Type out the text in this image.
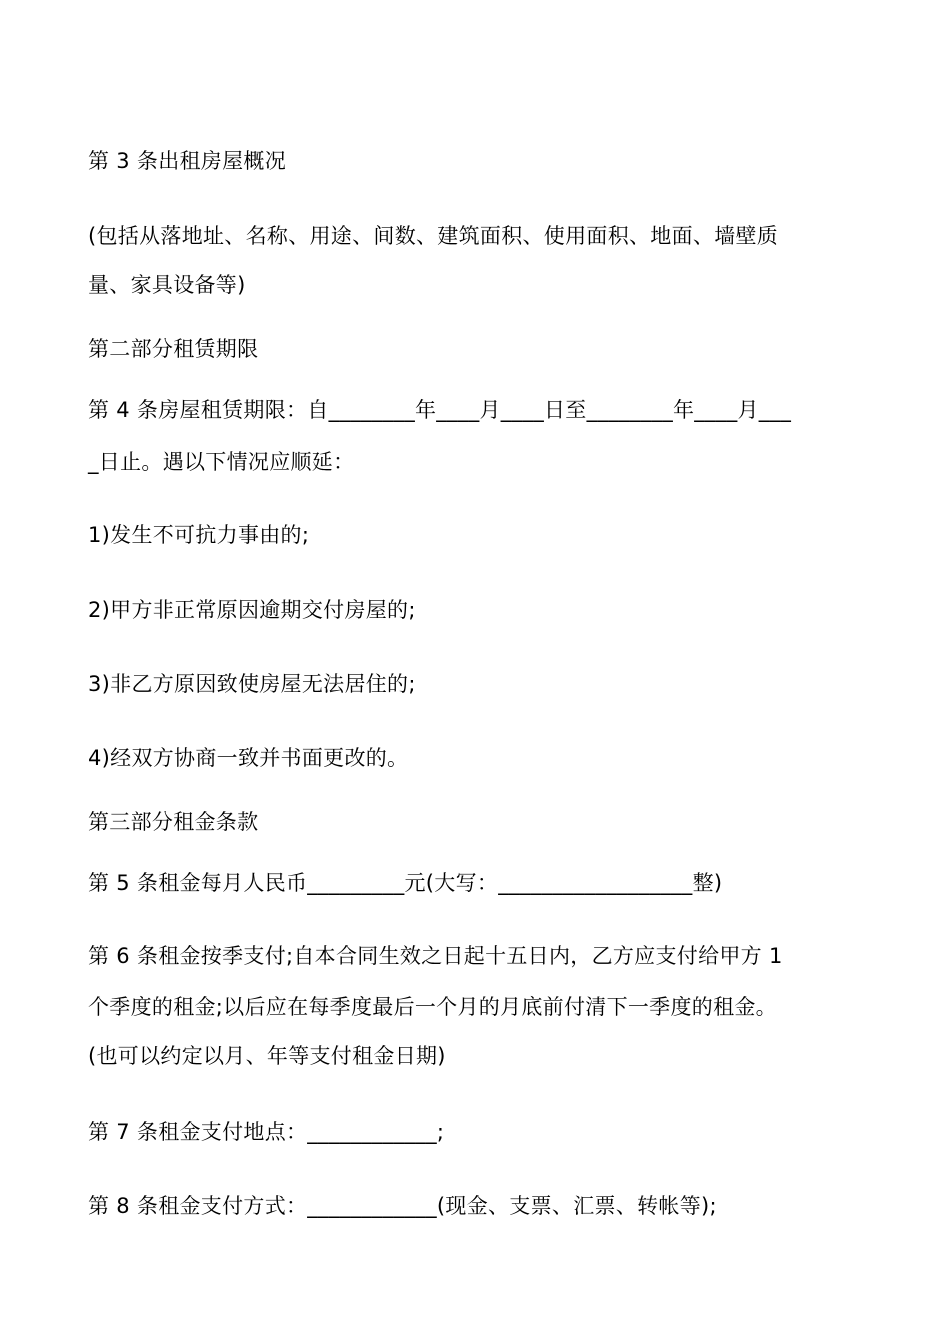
第 3 条出租房屋概况
(包括从落地址、名称、用途、间数、建筑面积、使用面积、地面、墙壁质
量、家具设备等)
第二部分租赁期限
第 4 条房屋租赁期限：自________年____月____日至________年____月___
_日止。遇以下情况应顺延：
1)发生不可抗力事由的;
2)甲方非正常原因逾期交付房屋的;
3)非乙方原因致使房屋无法居住的;
4)经双方协商一致并书面更改的。
第三部分租金条款
第 5 条租金每月人民币_________元(大写：__________________整)
第 6 条租金按季支付;自本合同生效之日起十五日内，乙方应支付给甲方 1
个季度的租金;以后应在每季度最后一个月的月底前付清下一季度的租金。
(也可以约定以月、年等支付租金日期)
第 7 条租金支付地点：____________;
第 8 条租金支付方式：____________(现金、支票、汇票、转帐等);
